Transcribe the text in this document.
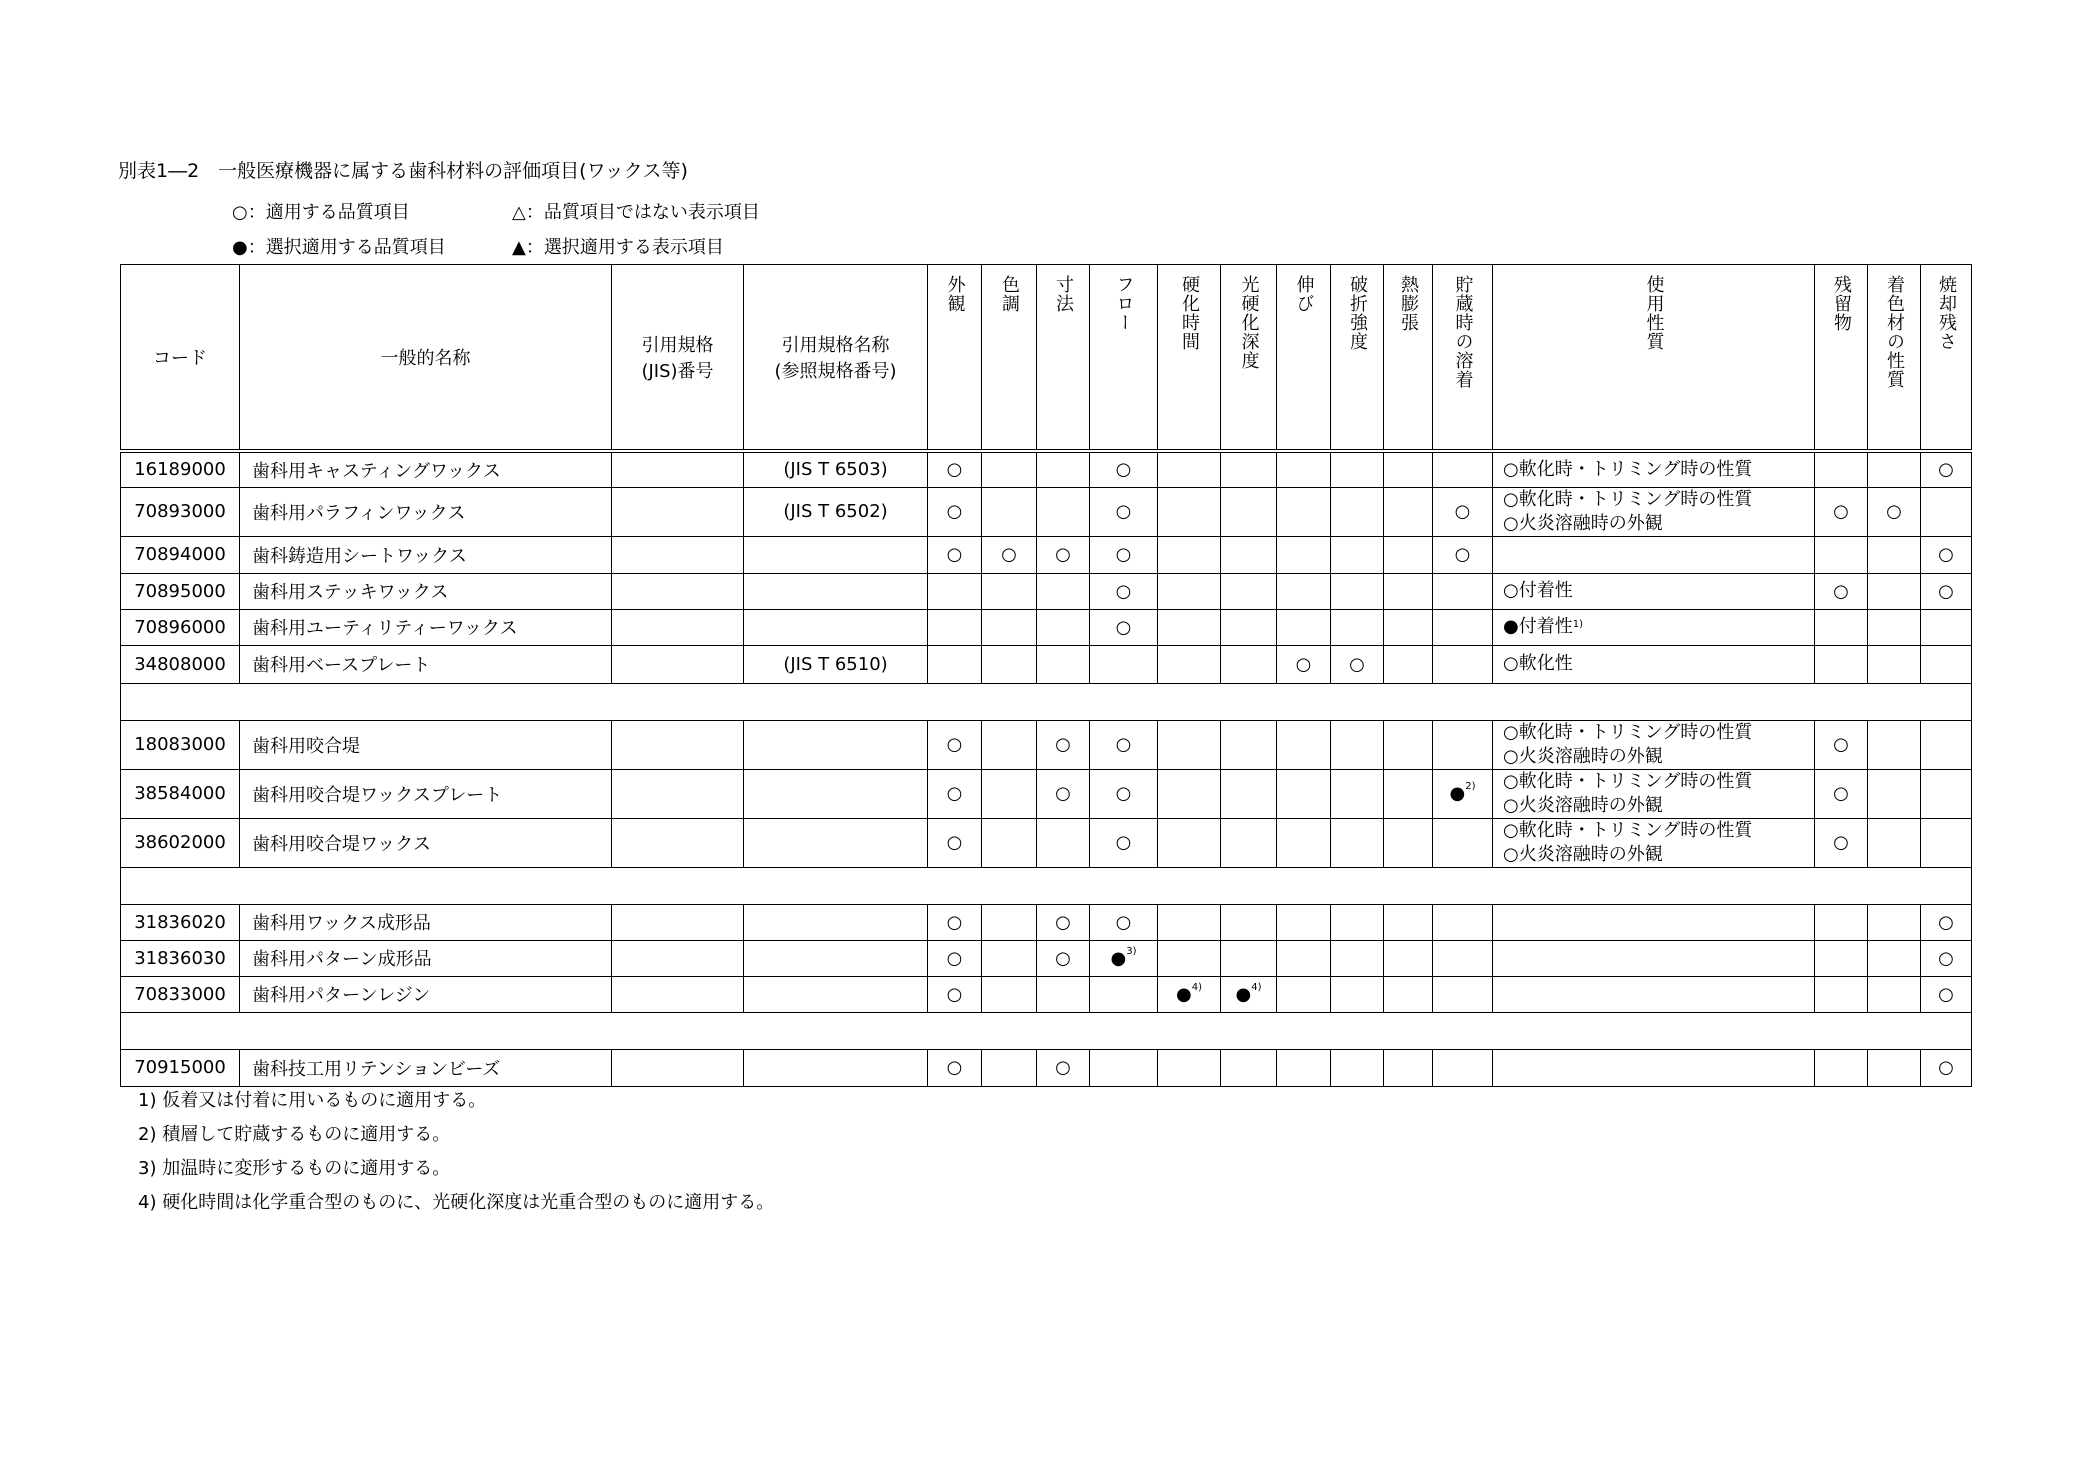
別表1―2　一般医療機器に属する歯科材料の評価項目(ワックス等)
○：適用する品質項目	△：品質項目ではない表示項目
●：選択適用する品質項目	▲：選択適用する表示項目
コード	一般的名称	引用規格
(JIS)番号	引用規格名称
(参照規格番号)	外観	色調	寸法	フロー	硬化時間	光硬化深度	伸び	破折強度	熱膨張	貯蔵時の溶着	使用性質	残留物	着色材の性質	焼却残さ
16189000	歯科用キャスティングワックス		(JIS T 6503)	○			○							○軟化時・トリミング時の性質			○
70893000	歯科用パラフィンワックス		(JIS T 6502)	○			○						○	○軟化時・トリミング時の性質
○火炎溶融時の外観	○	○	
70894000	歯科鋳造用シートワックス			○	○	○	○						○				○
70895000	歯科用ステッキワックス						○							○付着性	○		○
70896000	歯科用ユーティリティーワックス						○							●付着性$^{1)}$

34808000	歯科用ベースプレート		(JIS T 6510)							○	○			○軟化性			

18083000	歯科用咬合堤			○		○	○							○軟化時・トリミング時の性質
○火炎溶融時の外観	○		
38584000	歯科用咬合堤ワックスプレート			○		○	○						●$^{2)}$	○軟化時・トリミング時の性質
○火炎溶融時の外観	○		
38602000	歯科用咬合堤ワックス			○			○							○軟化時・トリミング時の性質
○火炎溶融時の外観	○		

31836020	歯科用ワックス成形品			○		○	○										○
31836030	歯科用パターン成形品			○		○	●$^{3)}$										○
70833000	歯科用パターンレジン			○				●$^{4)}$	●$^{4)}$								○

70915000	歯科技工用リテンションビーズ			○		○											○
1) 仮着又は付着に用いるものに適用する。
2) 積層して貯蔵するものに適用する。
3) 加温時に変形するものに適用する。
4) 硬化時間は化学重合型のものに、光硬化深度は光重合型のものに適用する。
